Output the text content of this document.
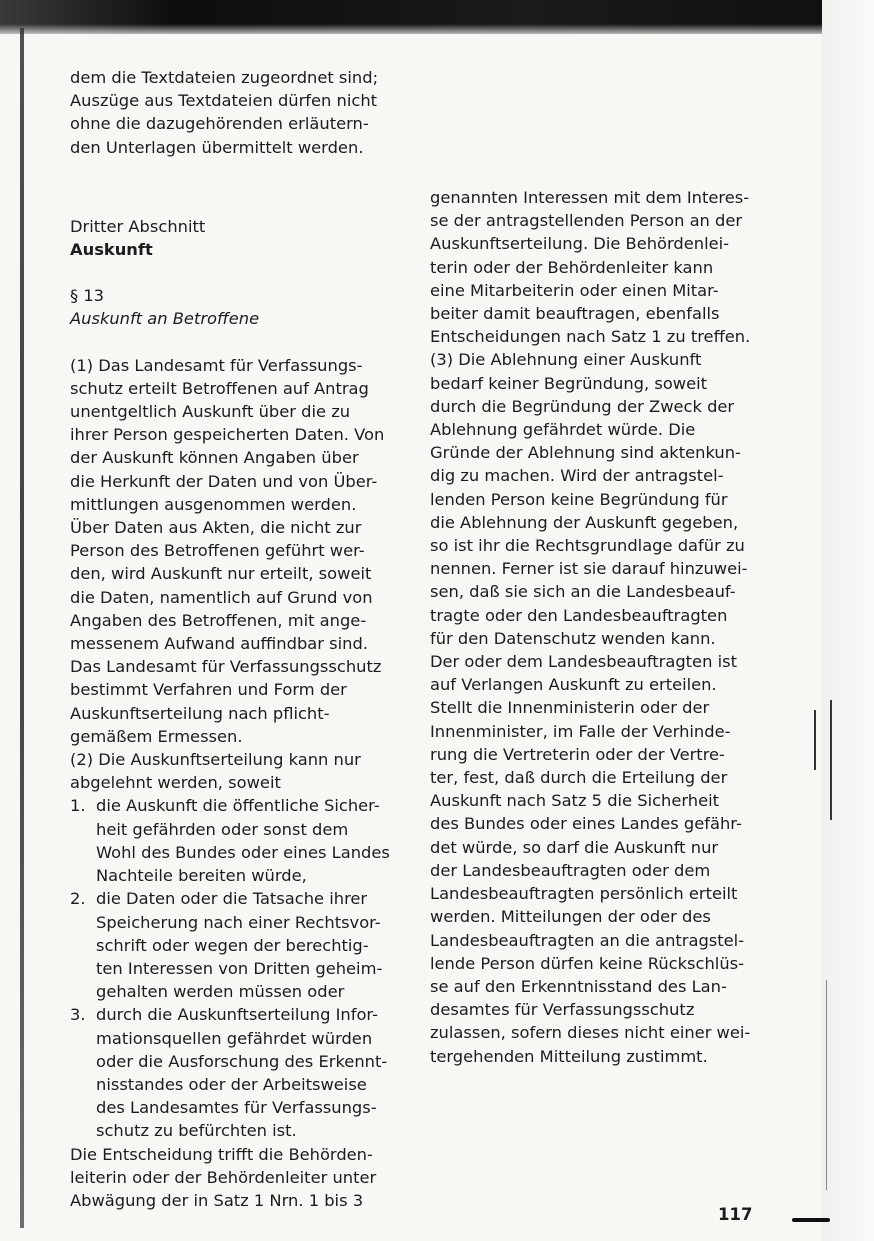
dem die Textdateien zugeordnet sind;
Auszüge aus Textdateien dürfen nicht
ohne die dazugehörenden erläutern-
den Unterlagen übermittelt werden.

Dritter Abschnitt

Auskunft

§ 13

Auskunft an Betroffene

(1) Das Landesamt für Verfassungs-
schutz erteilt Betroffenen auf Antrag
unentgeltlich Auskunft über die zu
ihrer Person gespeicherten Daten. Von
der Auskunft können Angaben über
die Herkunft der Daten und von Über-
mittlungen ausgenommen werden.
Über Daten aus Akten, die nicht zur
Person des Betroffenen geführt wer-
den, wird Auskunft nur erteilt, soweit
die Daten, namentlich auf Grund von
Angaben des Betroffenen, mit ange-
messenem Aufwand auffindbar sind.
Das Landesamt für Verfassungsschutz
bestimmt Verfahren und Form der
Auskunftserteilung nach pflicht-
gemäßem Ermessen.

(2) Die Auskunftserteilung kann nur
abgelehnt werden, soweit

1. die Auskunft die öffentliche Sicher-
heit gefährden oder sonst dem
Wohl des Bundes oder eines Landes
Nachteile bereiten würde,
2. die Daten oder die Tatsache ihrer
Speicherung nach einer Rechtsvor-
schrift oder wegen der berechtig-
ten Interessen von Dritten geheim-
gehalten werden müssen oder
3. durch die Auskunftserteilung Infor-
mationsquellen gefährdet würden
oder die Ausforschung des Erkennt-
nisstandes oder der Arbeitsweise
des Landesamtes für Verfassungs-
schutz zu befürchten ist.

Die Entscheidung trifft die Behörden-
leiterin oder der Behördenleiter unter
Abwägung der in Satz 1 Nrn. 1 bis 3

genannten Interessen mit dem Interes-
se der antragstellenden Person an der
Auskunftserteilung. Die Behördenlei-
terin oder der Behördenleiter kann
eine Mitarbeiterin oder einen Mitar-
beiter damit beauftragen, ebenfalls
Entscheidungen nach Satz 1 zu treffen.

(3) Die Ablehnung einer Auskunft
bedarf keiner Begründung, soweit
durch die Begründung der Zweck der
Ablehnung gefährdet würde. Die
Gründe der Ablehnung sind aktenkun-
dig zu machen. Wird der antragstel-
lenden Person keine Begründung für
die Ablehnung der Auskunft gegeben,
so ist ihr die Rechtsgrundlage dafür zu
nennen. Ferner ist sie darauf hinzuwei-
sen, daß sie sich an die Landesbeauf-
tragte oder den Landesbeauftragten
für den Datenschutz wenden kann.
Der oder dem Landesbeauftragten ist
auf Verlangen Auskunft zu erteilen.
Stellt die Innenministerin oder der
Innenminister, im Falle der Verhinde-
rung die Vertreterin oder der Vertre-
ter, fest, daß durch die Erteilung der
Auskunft nach Satz 5 die Sicherheit
des Bundes oder eines Landes gefähr-
det würde, so darf die Auskunft nur
der Landesbeauftragten oder dem
Landesbeauftragten persönlich erteilt
werden. Mitteilungen der oder des
Landesbeauftragten an die antragstel-
lende Person dürfen keine Rückschlüs-
se auf den Erkenntnisstand des Lan-
desamtes für Verfassungsschutz
zulassen, sofern dieses nicht einer wei-
tergehenden Mitteilung zustimmt.

117
